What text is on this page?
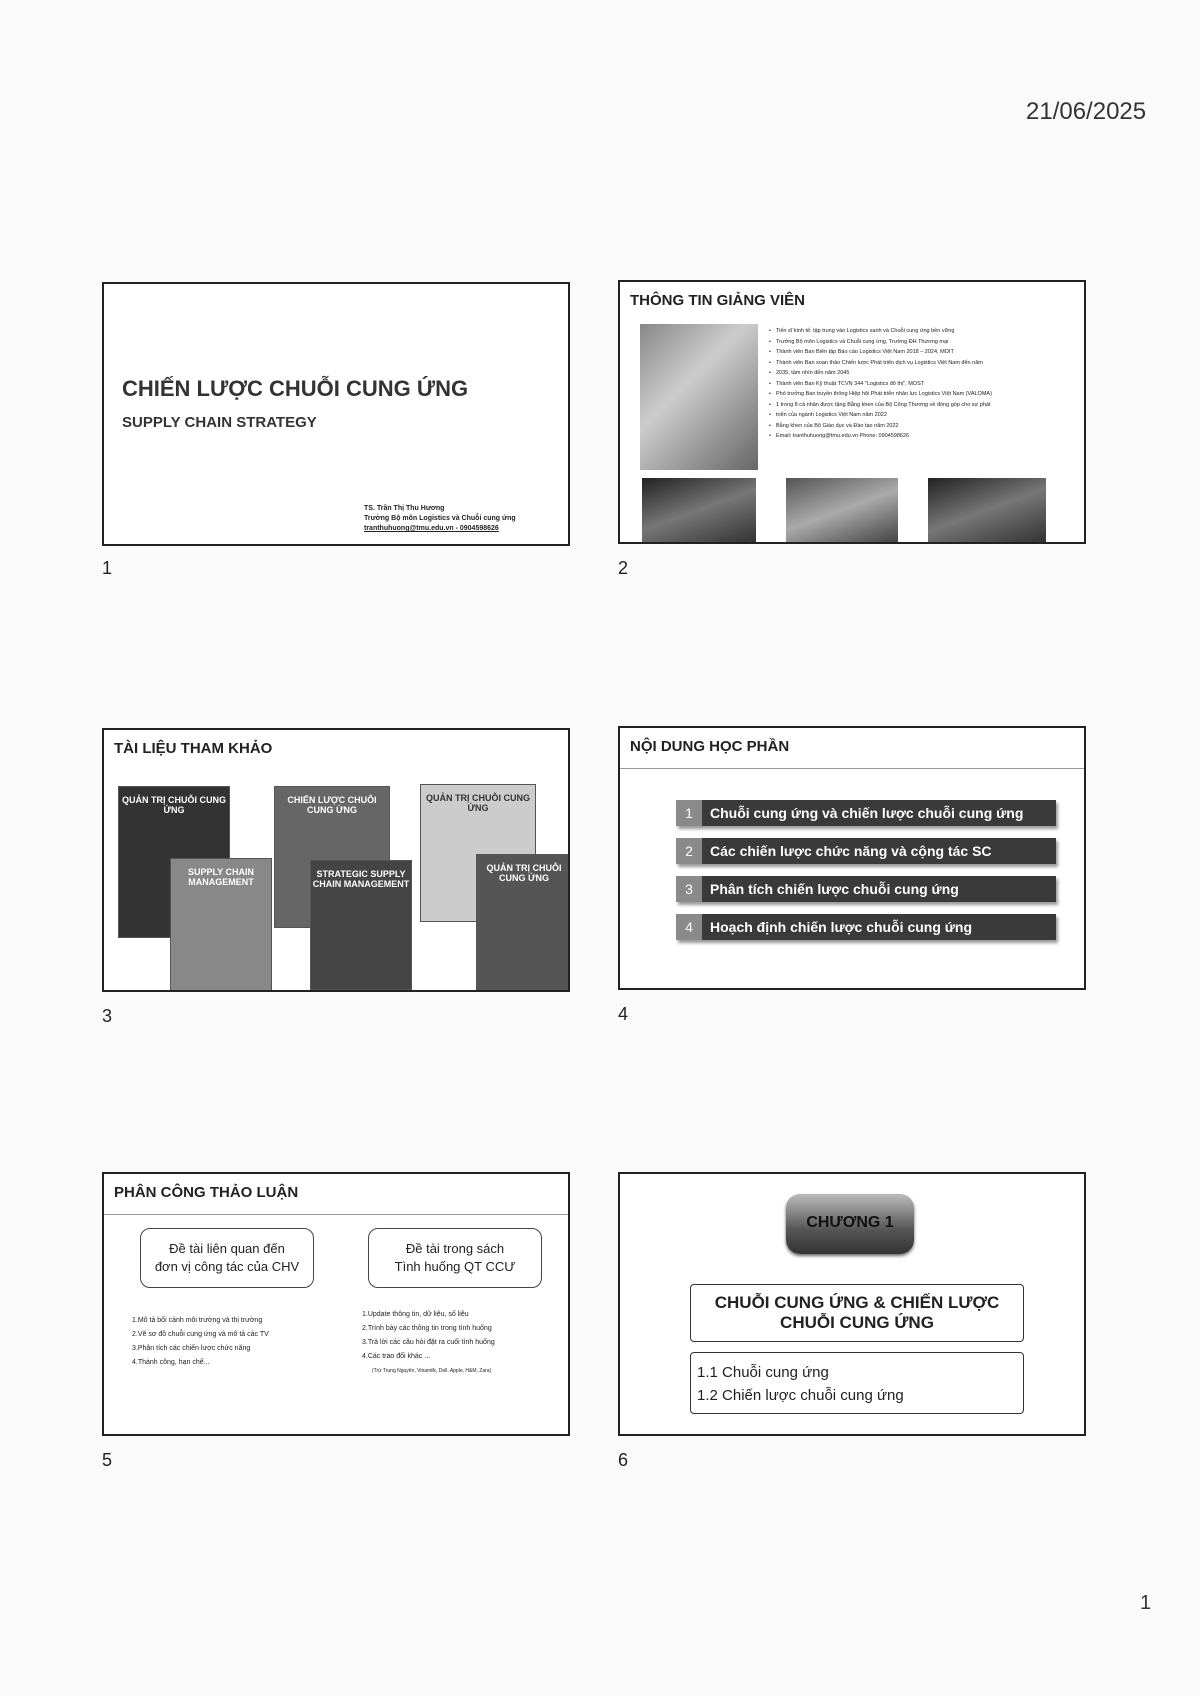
21/06/2025
CHIẾN LƯỢC CHUỖI CUNG ỨNG
SUPPLY CHAIN STRATEGY
TS. Trần Thị Thu Hương
Trưởng Bộ môn Logistics và Chuỗi cung ứng
tranthuhuong@tmu.edu.vn - 0904598626
1
THÔNG TIN GIẢNG VIÊN
• Tiến sĩ kinh tế: tập trung vào Logistics xanh và Chuỗi cung ứng bền vững
• Trưởng Bộ môn Logistics và Chuỗi cung ứng, Trường ĐH Thương mại
• Thành viên Ban Biên tập Báo cáo Logistics Việt Nam 2018 – 2024, MOIT
• Thành viên Ban soạn thảo Chiến lược Phát triển dịch vụ Logistics Việt Nam đến năm
• 2035, tầm nhìn đến năm 2045
• Thành viên Ban Kỹ thuật TCVN 344 "Logistics đô thị", MOST
• Phó trưởng Ban truyền thông Hiệp hội Phát triển nhân lực Logistics Việt Nam (VALOMA)
• 1 trong 8 cá nhân được tặng Bằng khen của Bộ Công Thương về đóng góp cho sự phát
• triển của ngành Logistics Việt Nam năm 2022
• Bằng khen của Bộ Giáo dục và Đào tạo năm 2022
• Email: tranthuhuong@tmu.edu.vn Phone: 0904598626
2
TÀI LIỆU THAM KHẢO
QUẢN TRỊ CHUỖI CUNG ỨNG
SUPPLY CHAIN MANAGEMENT
CHIẾN LƯỢC CHUỖI CUNG ỨNG
STRATEGIC SUPPLY CHAIN MANAGEMENT
QUẢN TRỊ CHUỖI CUNG ỨNG
QUẢN TRỊ CHUỖI CUNG ỨNG
3
NỘI DUNG HỌC PHẦN
1	Chuỗi cung ứng và chiến lược chuỗi cung ứng
2	Các chiến lược chức năng và cộng tác SC
3	Phân tích chiến lược chuỗi cung ứng
4	Hoạch định chiến lược chuỗi cung ứng
4
PHÂN CÔNG THẢO LUẬN
Đề tài liên quan đến
đơn vị công tác của CHV
Đề tài trong sách
Tình huống QT CCƯ
1.Mô tả bối cảnh môi trường và thị trường
2.Vẽ sơ đồ chuỗi cung ứng và mô tả các TV
3.Phân tích các chiến lược chức năng
4.Thành công, hạn chế...
1.Update thông tin, dữ liệu, số liệu
2.Trình bày các thông tin trong tình huống
3.Trả lời các câu hỏi đặt ra cuối tình huống
4.Các trao đổi khác ...
(Trừ Trung Nguyên, Vinamilk, Dell, Apple, H&M, Zara)
5
CHƯƠNG 1
CHUỖI CUNG ỨNG & CHIẾN LƯỢC
CHUỖI CUNG ỨNG
1.1 Chuỗi cung ứng
1.2 Chiến lược chuỗi cung ứng
6
1
